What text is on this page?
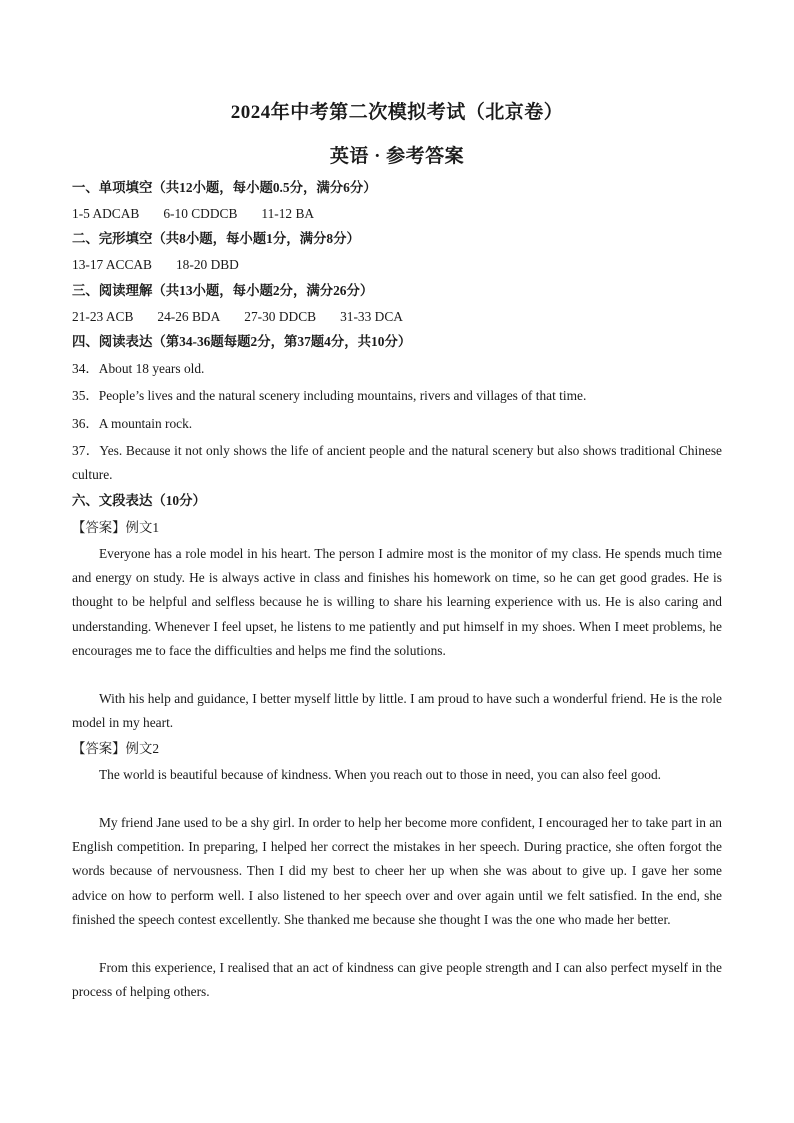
2024年中考第二次模拟考试（北京卷）
英语 · 参考答案
一、单项填空（共12小题，每小题0.5分，满分6分）
1-5 ADCAB 6-10 CDDCB 11-12 BA
二、完形填空（共8小题，每小题1分，满分8分）
13-17 ACCAB 18-20 DBD
三、阅读理解（共13小题，每小题2分，满分26分）
21-23 ACB 24-26 BDA 27-30 DDCB 31-33 DCA
四、阅读表达（第34-36题每题2分，第37题4分，共10分）
34．About 18 years old.
35．People’s lives and the natural scenery including mountains, rivers and villages of that time.
36．A mountain rock.

37．Yes. Because it not only shows the life of ancient people and the natural scenery but also shows traditional Chinese culture.

六、文段表达（10分）
【答案】例文1

Everyone has a role model in his heart. The person I admire most is the monitor of my class. He spends much time and energy on study. He is always active in class and finishes his homework on time, so he can get good grades. He is thought to be helpful and selfless because he is willing to share his learning experience with us. He is also caring and understanding. Whenever I feel upset, he listens to me patiently and put himself in my shoes. When I meet problems, he encourages me to face the difficulties and helps me find the solutions.

With his help and guidance, I better myself little by little. I am proud to have such a wonderful friend. He is the role model in my heart.

【答案】例文2

The world is beautiful because of kindness. When you reach out to those in need, you can also feel good.

My friend Jane used to be a shy girl. In order to help her become more confident, I encouraged her to take part in an English competition. In preparing, I helped her correct the mistakes in her speech. During practice, she often forgot the words because of nervousness. Then I did my best to cheer her up when she was about to give up. I gave her some advice on how to perform well. I also listened to her speech over and over again until we felt satisfied. In the end, she finished the speech contest excellently. She thanked me because she thought I was the one who made her better.

From this experience, I realised that an act of kindness can give people strength and I can also perfect myself in the process of helping others.
